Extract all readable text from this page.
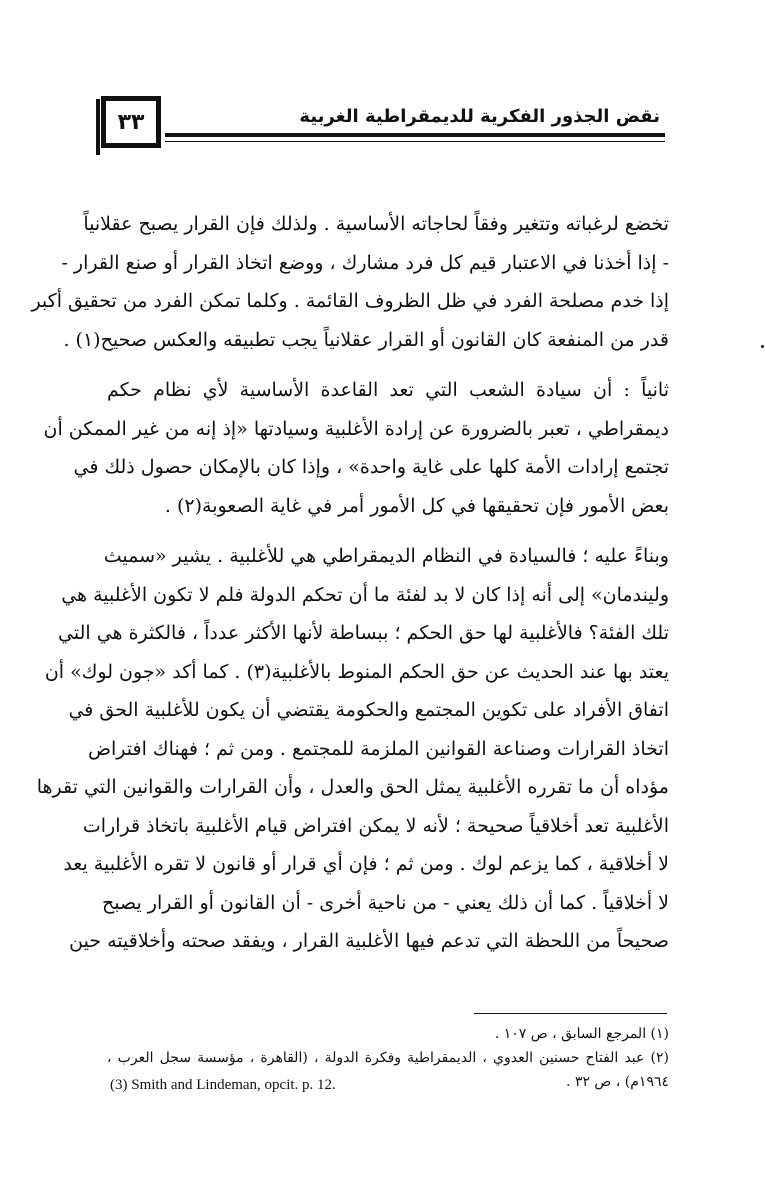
٣٣	نقض الجذور الفكرية للديمقراطية الغربية
تخضع لرغباته وتتغير وفقاً لحاجاته الأساسية . ولذلك فإن القرار يصبح عقلانياً
- إذا أخذنا في الاعتبار قيم كل فرد مشارك ، ووضع اتخاذ القرار أو صنع القرار -
إذا خدم مصلحة الفرد في ظل الظروف القائمة . وكلما تمكن الفرد من تحقيق أكبر
قدر من المنفعة كان القانون أو القرار عقلانياً يجب تطبيقه والعكس صحيح(١) .
ثانياً : أن سيادة الشعب التي تعد القاعدة الأساسية لأي نظام حكم
ديمقراطي ، تعبر بالضرورة عن إرادة الأغلبية وسيادتها «إذ إنه من غير الممكن أن
تجتمع إرادات الأمة كلها على غاية واحدة» ، وإذا كان بالإمكان حصول ذلك في
بعض الأمور فإن تحقيقها في كل الأمور أمر في غاية الصعوبة(٢) .
وبناءً عليه ؛ فالسيادة في النظام الديمقراطي هي للأغلبية . يشير «سميث
وليندمان» إلى أنه إذا كان لا بد لفئة ما أن تحكم الدولة فلم لا تكون الأغلبية هي
تلك الفئة؟ فالأغلبية لها حق الحكم ؛ ببساطة لأنها الأكثر عدداً ، فالكثرة هي التي
يعتد بها عند الحديث عن حق الحكم المنوط بالأغلبية(٣) . كما أكد «جون لوك» أن
اتفاق الأفراد على تكوين المجتمع والحكومة يقتضي أن يكون للأغلبية الحق في
اتخاذ القرارات وصناعة القوانين الملزمة للمجتمع . ومن ثم ؛ فهناك افتراض
مؤداه أن ما تقرره الأغلبية يمثل الحق والعدل ، وأن القرارات والقوانين التي تقرها
الأغلبية تعد أخلاقياً صحيحة ؛ لأنه لا يمكن افتراض قيام الأغلبية باتخاذ قرارات
لا أخلاقية ، كما يزعم لوك . ومن ثم ؛ فإن أي قرار أو قانون لا تقره الأغلبية يعد
لا أخلاقياً . كما أن ذلك يعني - من ناحية أخرى - أن القانون أو القرار يصبح
صحيحاً من اللحظة التي تدعم فيها الأغلبية القرار ، ويفقد صحته وأخلاقيته حين
(١) المرجع السابق ، ص ١٠٧ .
(٢) عبد الفتاح حسنين العدوي ، الديمقراطية وفكرة الدولة ، (القاهرة ، مؤسسة سجل العرب ،
١٩٦٤م) ، ص ٣٢ .
(3) Smith and Lindeman, opcit. p. 12.
